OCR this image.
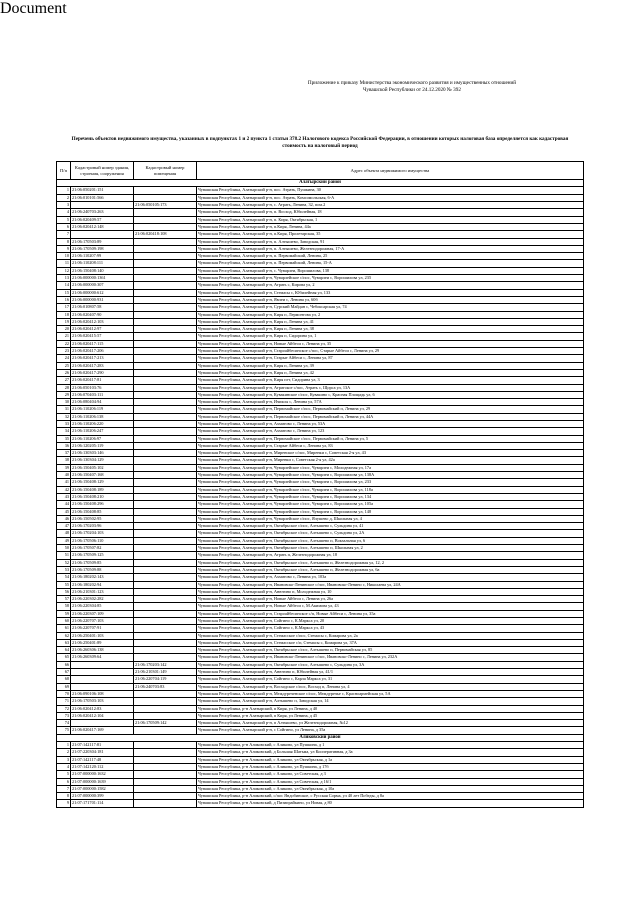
Document
Приложение к приказу Министерства экономического развития и имущественных отношений
Чувашской Республики от 24.12.2020 № 392
Перечень объектов недвижимого имущества, указанных в подпунктах 1 и 2 пункта 1 статьи 378.2 Налогового кодекса Российской Федерации, в отношении которых налоговая база определяется как кадастровая стоимость на налоговый период
П/п	Кадастровый номер здания, строения, сооружения	Кадастровый номер помещения	Адрес объекта недвижимого имущества
Алатырский район			
1	21:06:050201:151		Чувашская Республика, Алатырский р-н, пос. Атрать, Пушкина, 30
2	21:06:010101:566		Чувашская Республика, Алатырский р-н, пос. Атрать, Комсомольская, 6-А
3		21:06:050105:173	Чувашская Республика, Алатырский р-н, с. Атрать, Ленина, 32, пом.2
4	21:06:240703:263		Чувашская Республика, Алатырский р-н, п. Восход, Юбилейная, 18
5	21:06:020409:57		Чувашская Республика, Алатырский р-н, п. Киря, Октябрьская, 1
6	21:06:020412:148		Чувашская Республика, Алатырский р-н, п.Киря, Ленина, 44а
7		21:06:020418:108	Чувашская Республика, Алатырский р-н, п.Киря, Пролетарская, 35
8	21:06:170503:89		Чувашская Республика, Алатырский р-н, п. Алтышево, Заводская, 91
9	21:06:170509:198		Чувашская Республика, Алатырский р-н, п. Алтышево, Железнодорожная, 17-А
10	21:06:110207:99		Чувашская Республика, Алатырский р-н, п. Первомайский, Ленина, 25
11	21:06:110208:111		Чувашская Республика, Алатырский р-н, п. Первомайский, Ленина, 15-А
12	21:06:150408:140		Чувашская Республика, Алатырский р-н, с. Чуварлеи, Ворошилова, 138
13	21:06:000000:1361		Чувашская Республика, Алатырский р-н, Чуварлейское с/пос, Чуварлеи с, Ворошилова ул, 235
14	21:06:000000:307		Чувашская Республика, Алатырский р-н, Атрать с, Кирова ул, 2
15	21:06:000000:612		Чувашская Республика, Алатырский р-н, Стемасы с, Юбилейная ул, 133
16	21:06:000000:931		Чувашская Республика, Алатырский р-н, Явлеи с, Ленина ул, 60б
17	21:06:010807:58		Чувашская Республика, Алатырский р-н, Сурский Майдан с, Чебоксарская ул, 74
18	21:06:020407:90		Чувашская Республика, Алатырский р-н, Киря п, Лермонтова ул, 2
19	21:06:020412:103		Чувашская Республика, Алатырский р-н, Киря п, Ленина ул, 41
20	21:06:020412:97		Чувашская Республика, Алатырский р-н, Киря п, Ленина ул, 38
21	21:06:020415:57		Чувашская Республика, Алатырский р-н, Киря п, Сидорина ул, 1
22	21:06:020417:115		Чувашская Республика, Алатырский р-н, Новые Айбеси с, Ленина ул, 35
23	21:06:020417:206		Чувашская Республика, Алатырский р-н, Староайбесинское с/пос, Старые Айбеси с, Ленина ул, 29
24	21:06:020417:213		Чувашская Республика, Алатырский р-н, Старые Айбеси с, Ленина ул, 87
25	21:06:020417:283		Чувашская Республика, Алатырский р-н, Киря п, Ленина ул, 39
26	21:06:020417:290		Чувашская Республика, Алатырский р-н, Киря п, Ленина ул, 42
27	21:06:020417:81		Чувашская Республика, Алатырский р-н, Киря пгт, Сидорина ул, 3
28	21:06:050103:76		Чувашская Республика, Алатырский р-н, Атратское с/пос, Атрать с, Щорса ул, 13А
29	21:06:070403:111		Чувашская Республика, Алатырский р-н, Кувакинское с/пос, Кувакино с, Красная Площадь ул, 6
30	21:06:080404:94		Чувашская Республика, Алатырский р-н, Ичиксы с, Ленина ул, 57А
31	21:06:110206:119		Чувашская Республика, Алатырский р-н, Первомайское с/пос, Первомайский п, Ленина ул, 29
32	21:06:110206:138		Чувашская Республика, Алатырский р-н, Первомайское с/пос, Первомайский п, Ленина ул, 44А
33	21:06:110206:220		Чувашская Республика, Алатырский р-н, Ахматово с, Ленина ул, 53А
34	21:06:110206:247		Чувашская Республика, Алатырский р-н, Ахматово с, Ленина ул, 123
35	21:06:110206:97		Чувашская Республика, Алатырский р-н, Первомайское с/пос, Первомайский п, Ленина ул, 5
36	21:06:120205:119		Чувашская Республика, Алатырский р-н, Старые Айбеси с, Ленина ул, 83
37	21:06:130303:146		Чувашская Республика, Алатырский р-н, Миренское с/пос, Миренки с, Советская 2-я ул, 43
38	21:06:130304:129		Чувашская Республика, Алатырский р-н, Миренки с, Советская 2-я ул, 42а
39	21:06:150405:102		Чувашская Республика, Алатырский р-н, Чуварлейское с/пос, Чуварлеи с, Молодежная ул, 17а
40	21:06:150407:168		Чувашская Республика, Алатырский р-н, Чуварлейское с/пос, Чуварлеи с, Ворошилова ул, 138А
41	21:06:150408:129		Чувашская Республика, Алатырский р-н, Чуварлейское с/пос, Чуварлеи с, Ворошилова ул, 233
42	21:06:150408:189		Чувашская Республика, Алатырский р-н, Чуварлейское с/пос, Чуварлеи с, Ворошилова ул, 118а
43	21:06:150408:210		Чувашская Республика, Алатырский р-н, Чуварлейское с/пос, Чуварлеи с, Ворошилова ул, 134
44	21:06:150408:296		Чувашская Республика, Алатырский р-н, Чуварлейское с/пос, Чуварлеи с, Ворошилова ул, 105а
45	21:06:150408:85		Чувашская Республика, Алатырский р-н, Чуварлейское с/пос, Чуварлеи с, Ворошилова ул, 148
46	21:06:150502:95		Чувашская Республика, Алатырский р-н, Чуварлейское с/пос, Ялушево д, Школьная ул, 4
47	21:06:170203:96		Чувашская Республика, Алатырский р-н, Октябрьское с/пос, Алтышево с, Сульдина ул, 41
48	21:06:170204:103		Чувашская Республика, Алатырский р-н, Октябрьское с/пос, Алтышево с, Сульдина ул, 2А
49	21:06:170506:110		Чувашская Республика, Алатырский р-н, Октябрьское с/пос, Алтышево п, Вокзальная ул, 6
50	21:06:170507:82		Чувашская Республика, Алатырский р-н, Октябрьское с/пос, Алтышево п, Школьная ул, 2
51	21:06:170509:125		Чувашская Республика, Алатырский р-н, Атрать п, Железнодорожная ул, 18
52	21:06:170509:85		Чувашская Республика, Алатырский р-н, Октябрьское с/пос, Алтышево п, Железнодорожная ул, 12, 2
53	21:06:170509:88		Чувашская Республика, Алатырский р-н, Октябрьское с/пос, Алтышево п, Железнодорожная ул, 6а
54	21:06:180202:143		Чувашская Республика, Алатырский р-н, Ахматово с, Ленина ул, 103а
55	21:06:180202:94		Чувашская Республика, Алатырский р-н, Ивановско-Ленинское с/пос, Ивановско-Ленино с, Николаева ул, 24А
56	21:06:210301:123		Чувашская Республика, Алатырский р-н, Анютино п, Молодежная ул, 10
57	21:06:220302:282		Чувашская Республика, Алатырский р-н, Новые Айбеси с, Ленина ул, 26а
58	21:06:220304:85		Чувашская Республика, Алатырский р-н, Новые Айбеси с, М.Акимова ул, 43
59	21:06:220307:109		Чувашская Республика, Алатырский р-н, Староайбесинское с/п, Новые Айбеси с, Ленина ул, 35а
60	21:06:220707:103		Чувашская Республика, Алатырский р-н, Сойгино с, К.Маркса ул, 20
61	21:06:220707:91		Чувашская Республика, Алатырский р-н, Сойгино с, К.Маркса ул, 43
62	21:06:250401:103		Чувашская Республика, Алатырский р-н, Стемасское с/пос, Стемасы с, Комарова ул, 2а
63	21:06:250401:89		Чувашская Республика, Алатырский р-н, Стемасское с/п, Стемасы с, Комарова ул, 37А
64	21:06:260306:138		Чувашская Республика, Алатырский р-н, Октябрьское с/пос, Алтышево п, Первомайская ул, 85
65	21:06:260309:64		Чувашская Республика, Алатырский р-н, Ивановско-Ленинское с/пос, Ивановско-Ленино с, Ленина ул, 232А
66		21:06:170203:142	Чувашская Республика, Алатырский р-н, Октябрьское с/пос, Алтышево с, Сульдина ул, 3А
67		21:06:210301:149	Чувашская Республика, Алатырский р-н, Анютино п, Юбилейная ул, 41/1
68		21:06:220704:119	Чувашская Республика, Алатырский р-н, Сойгино с, Карла Маркса ул, 31
69		21:06:240703:83	Чувашская Республика, Алатырский р-н, Восходское с/пос, Восход п, Ленина ул, 4
70	21:06:090106:108		Чувашская Республика, Алатырский р-н, Междуреченское с/пос, Междуречье с, Красноармейская ул, 5А
71	21:06:170503:103		Чувашская Республика, Алатырский р-н, Алтышево п, Заводская ул, 14
72	21:06:020412:83		Чувашская Республика, р-н Алатырский, п Киря, ул Ленина, д 40
73	21:06:020412:104		Чувашская Республика, р-н Алатырский, п Киря, ул Ленина, д 45
74		21:06:170509:142	Чувашская Республика, Алатырский р-н, п Алтышево, ул Железнодорожная, №12
75	21:06:020417:169		Чувашская Республика, Алатырский р-н, с Сойгино, ул Ленина, д 35а
Аликовский район			
1	21:07:142117:81		Чувашская Республика, р-н Аликовский, с Аликово, ул Пушкина, д 1
2	21:07:220304:181		Чувашская Республика, р-н Аликовский, д Большая Шатьма, ул Кооперативная, д 3а
3	21:07:142117:48		Чувашская Республика, р-н Аликовский, с Аликово, ул Октябрьская, д 1а
4	21:07:142120:112		Чувашская Республика, р-н Аликовский, с Аликово, ул Пушкина, д 17б
5	21:07:000000:1632		Чувашская Республика, р-н Аликовский, с Аликово, ул Советская, д 3
6	21:07:000000:1639		Чувашская Республика, р-н Аликовский, с Аликово, ул Советская, д 16/1
7	21:07:000000:1582		Чувашская Республика, р-н Аликовский, с Аликово, ул Октябрьская, д 10а
8	21:07:000000:399		Чувашская Республика, р-н Аликовский, с/пос Яндобинское, с Русская Сорма, ул 40 лет Победы, д 8а
9	21:07:171701:114		Чувашская Республика, р-н Аликовский, д Пизипрайкино, ул Новая, д 80
